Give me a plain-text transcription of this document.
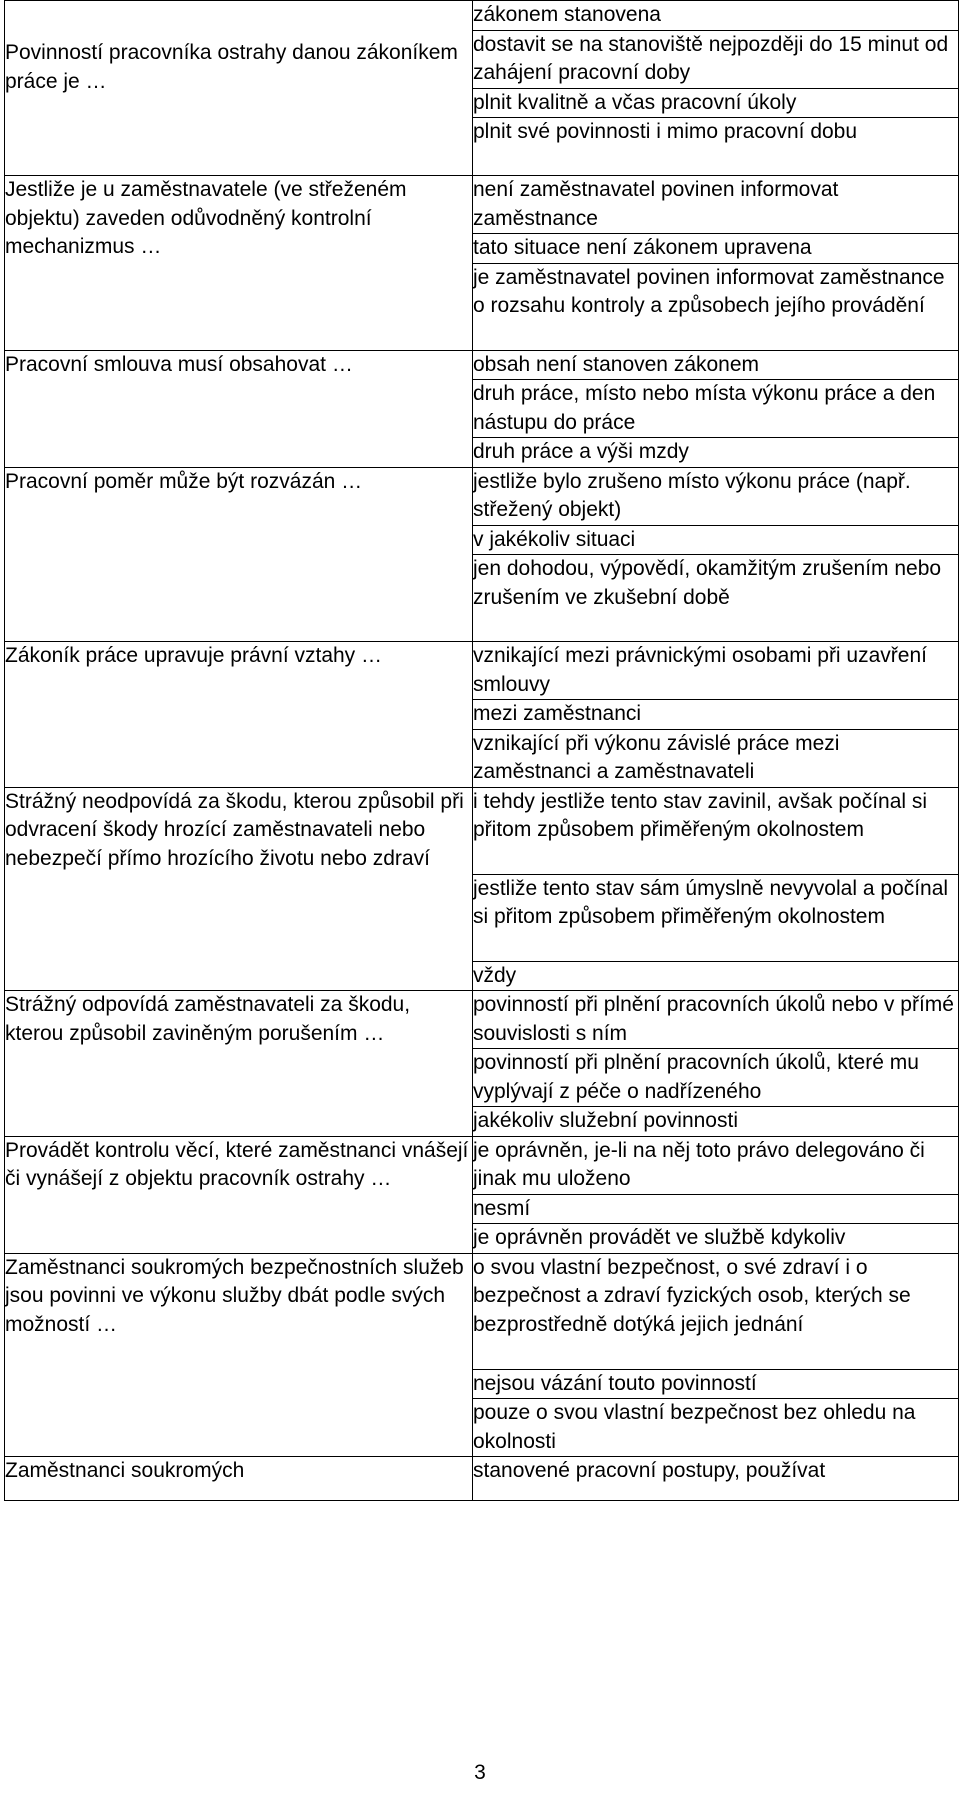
Povinností pracovníka ostrahy danou zákoníkem práce je …	zákonem stanovena
	dostavit se na stanoviště nejpozději do 15 minut od zahájení pracovní doby
	plnit kvalitně a včas pracovní úkoly
	plnit své povinnosti i mimo pracovní dobu
Jestliže je u zaměstnavatele (ve střeženém objektu) zaveden odůvodněný kontrolní mechanizmus …	není zaměstnavatel povinen informovat zaměstnance
	tato situace není zákonem upravena
	je zaměstnavatel povinen informovat zaměstnance o rozsahu kontroly a způsobech jejího provádění
Pracovní smlouva musí obsahovat …	obsah není stanoven zákonem
	druh práce, místo nebo místa výkonu práce a den nástupu do práce
	druh práce a výši mzdy
Pracovní poměr může být rozvázán …	jestliže bylo zrušeno místo výkonu práce (např. střežený objekt)
	v jakékoliv situaci
	jen dohodou, výpovědí, okamžitým zrušením nebo zrušením ve zkušební době
Zákoník práce upravuje právní vztahy …	vznikající mezi právnickými osobami při uzavření smlouvy
	mezi zaměstnanci
	vznikající při výkonu závislé práce mezi zaměstnanci a zaměstnavateli
Strážný neodpovídá za škodu, kterou způsobil při odvracení škody hrozící zaměstnavateli nebo nebezpečí přímo hrozícího životu nebo zdraví	i tehdy jestliže tento stav zavinil, avšak počínal si přitom způsobem přiměřeným okolnostem
	jestliže tento stav sám úmyslně nevyvolal a počínal si přitom způsobem přiměřeným okolnostem
	vždy
Strážný odpovídá zaměstnavateli za škodu, kterou způsobil zaviněným porušením …	povinností při plnění pracovních úkolů nebo v přímé souvislosti s ním
	povinností při plnění pracovních úkolů, které mu vyplývají z péče o nadřízeného
	jakékoliv služební povinnosti
Provádět kontrolu věcí, které zaměstnanci vnášejí či vynášejí z objektu pracovník ostrahy …	je oprávněn, je-li na něj toto právo delegováno či jinak mu uloženo
	nesmí
	je oprávněn provádět ve službě kdykoliv
Zaměstnanci soukromých bezpečnostních služeb jsou povinni ve výkonu služby dbát podle svých možností …	o svou vlastní bezpečnost, o své zdraví i o bezpečnost a zdraví fyzických osob, kterých se bezprostředně dotýká jejich jednání
	nejsou vázání touto povinností
	pouze o svou vlastní bezpečnost bez ohledu na okolnosti
Zaměstnanci soukromých	stanovené pracovní postupy, používat
3
